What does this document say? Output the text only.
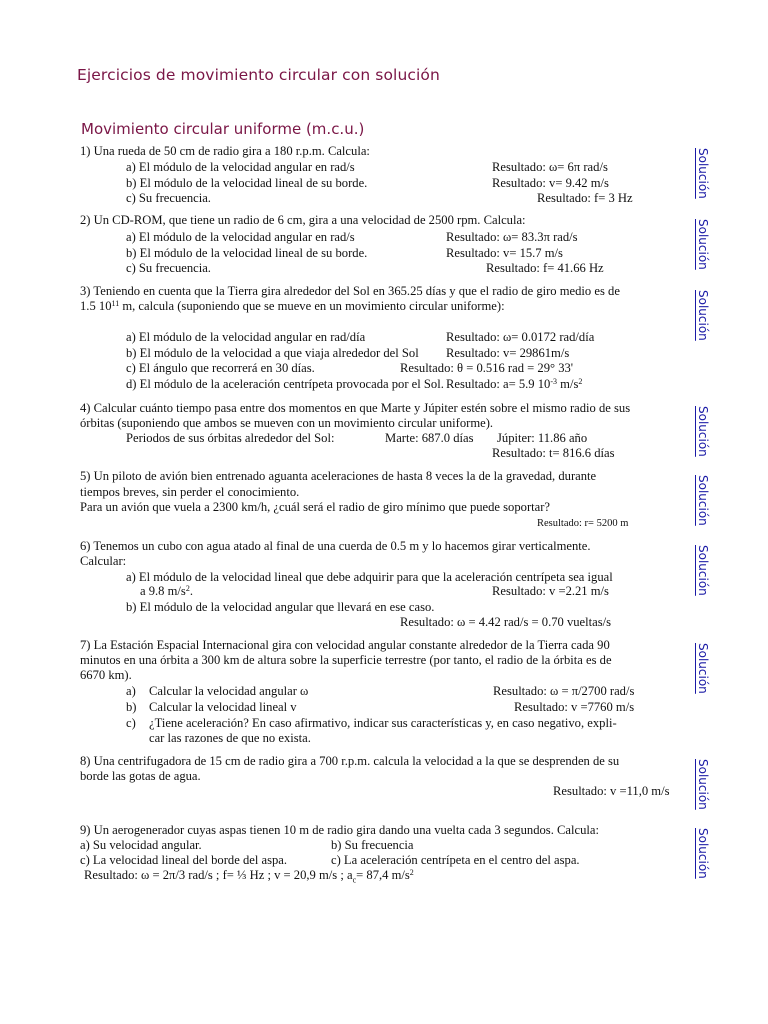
Ejercicios de movimiento circular con solución
Movimiento circular uniforme (m.c.u.)
1) Una rueda de 50 cm de radio gira a 180 r.p.m. Calcula:
a) El módulo de la velocidad angular en rad/s	Resultado: ω= 6π rad/s
b) El módulo de la velocidad lineal de su borde.	Resultado: v= 9.42 m/s
c) Su frecuencia.	Resultado: f= 3 Hz	Solución
2) Un CD-ROM, que tiene un radio de 6 cm, gira a una velocidad de 2500 rpm. Calcula:
a) El módulo de la velocidad angular en rad/s	Resultado: ω= 83.3π rad/s
b) El módulo de la velocidad lineal de su borde.	Resultado: v= 15.7 m/s
c) Su frecuencia.	Resultado: f= 41.66 Hz	Solución
3) Teniendo en cuenta que la Tierra gira alrededor del Sol en 365.25 días y que el radio de giro medio es de
1.5 $10^{11}$ m, calcula (suponiendo que se mueve en un movimiento circular uniforme):
a) El módulo de la velocidad angular en rad/día	Resultado: ω= 0.0172 rad/día
b) El módulo de la velocidad a que viaja alrededor del Sol Resultado: v= 29861m/s
c) El ángulo que recorrerá en 30 días.	Resultado: θ = 0.516 rad = 29° 33'
d) El módulo de la aceleración centrípeta provocada por el Sol. Resultado: a= 5.9 $10^{-3}$ $m/s^2$
Solución
4) Calcular cuánto tiempo pasa entre dos momentos en que Marte y Júpiter estén sobre el mismo radio de sus
órbitas (suponiendo que ambos se mueven con un movimiento circular uniforme).
Periodos de sus órbitas alrededor del Sol:	Marte: 687.0 días Júpiter: 11.86 año
Resultado: t= 816.6 días	Solución
5) Un piloto de avión bien entrenado aguanta aceleraciones de hasta 8 veces la de la gravedad, durante
tiempos breves, sin perder el conocimiento.
Para un avión que vuela a 2300 km/h, ¿cuál será el radio de giro mínimo que puede soportar?
Resultado: r= 5200 m	Solución
6) Tenemos un cubo con agua atado al final de una cuerda de 0.5 m y lo hacemos girar verticalmente.
Calcular:
a) El módulo de la velocidad lineal que debe adquirir para que la aceleración centrípeta sea igual
a 9.8 $m/s^2$.	Resultado: v =2.21 m/s
b) El módulo de la velocidad angular que llevará en ese caso.
Resultado: ω = 4.42 rad/s = 0.70 vueltas/s
Solución
7) La Estación Espacial Internacional gira con velocidad angular constante alrededor de la Tierra cada 90
minutos en una órbita a 300 km de altura sobre la superficie terrestre (por tanto, el radio de la órbita es de
6670 km).
a) Calcular la velocidad angular ω	Resultado: ω = π/2700 rad/s
b) Calcular la velocidad lineal v	Resultado: v =7760 m/s
c) ¿Tiene aceleración? En caso afirmativo, indicar sus características y, en caso negativo, expli-
car las razones de que no exista.
Solución
8) Una centrifugadora de 15 cm de radio gira a 700 r.p.m. calcula la velocidad a la que se desprenden de su
borde las gotas de agua.
Resultado: v =11,0 m/s Solución
9) Un aerogenerador cuyas aspas tienen 10 m de radio gira dando una vuelta cada 3 segundos. Calcula:
a) Su velocidad angular.	b) Su frecuencia
c) La velocidad lineal del borde del aspa.	c) La aceleración centrípeta en el centro del aspa.
Resultado: ω = 2π/3 rad/s ; f= ⅓ Hz ; v = 20,9 m/s ; $a_c= 87,4$ $m/s^2$	Solución
